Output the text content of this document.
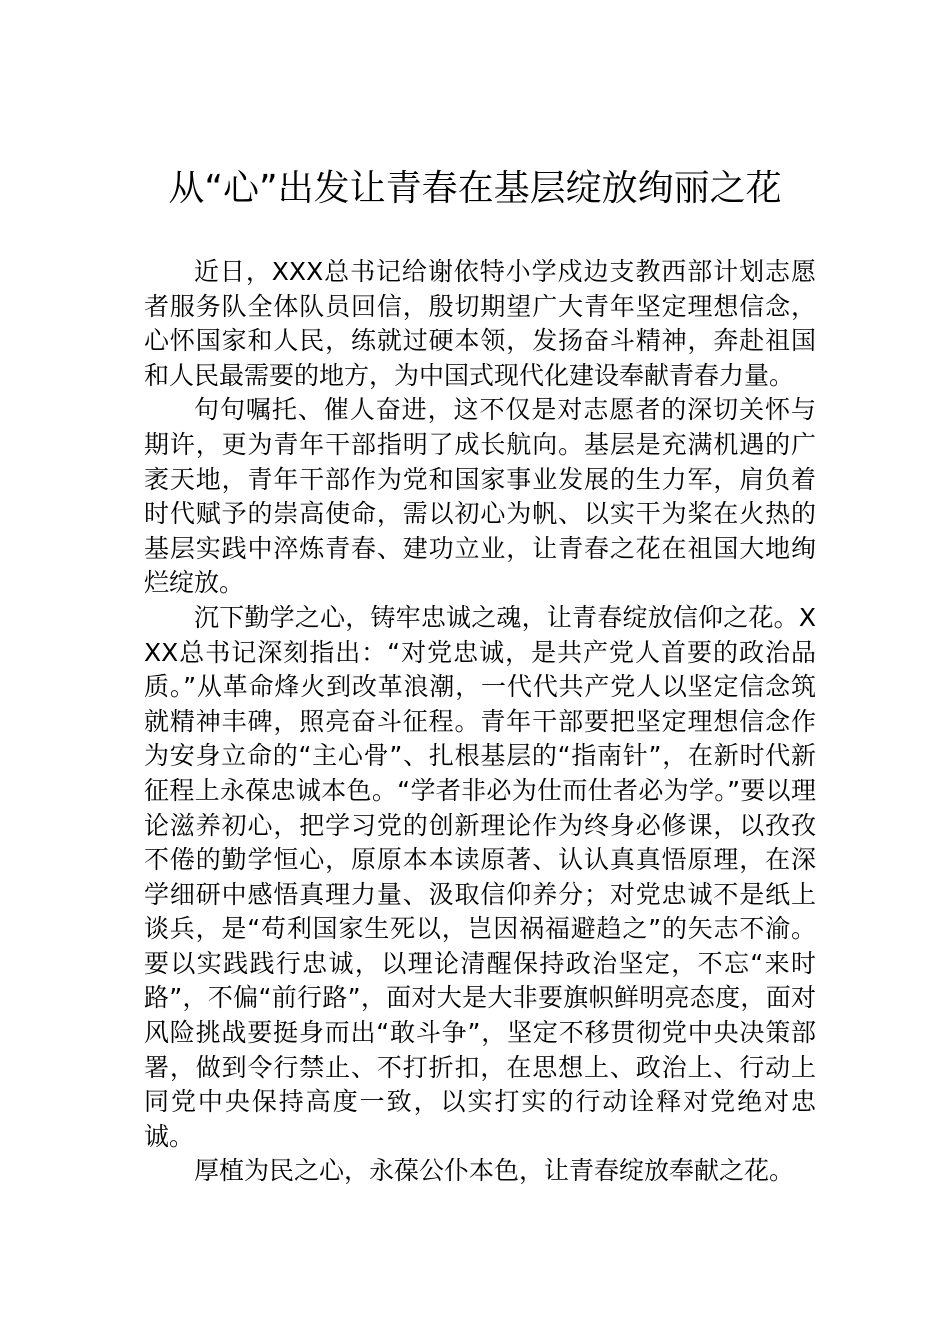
从“心”出发让青春在基层绽放绚丽之花

近日，XXX总书记给谢依特小学戍边支教西部计划志愿者服务队全体队员回信，殷切期望广大青年坚定理想信念，心怀国家和人民，练就过硬本领，发扬奋斗精神，奔赴祖国和人民最需要的地方，为中国式现代化建设奉献青春力量。

句句嘱托、催人奋进，这不仅是对志愿者的深切关怀与期许，更为青年干部指明了成长航向。基层是充满机遇的广袤天地，青年干部作为党和国家事业发展的生力军，肩负着时代赋予的崇高使命，需以初心为帆、以实干为桨在火热的基层实践中淬炼青春、建功立业，让青春之花在祖国大地绚烂绽放。

沉下勤学之心，铸牢忠诚之魂，让青春绽放信仰之花。XXX总书记深刻指出：“对党忠诚，是共产党人首要的政治品质。”从革命烽火到改革浪潮，一代代共产党人以坚定信念筑就精神丰碑，照亮奋斗征程。青年干部要把坚定理想信念作为安身立命的“主心骨”、扎根基层的“指南针”，在新时代新征程上永葆忠诚本色。“学者非必为仕而仕者必为学。”要以理论滋养初心，把学习党的创新理论作为终身必修课，以孜孜不倦的勤学恒心，原原本本读原著、认认真真悟原理，在深学细研中感悟真理力量、汲取信仰养分；对党忠诚不是纸上谈兵，是“苟利国家生死以，岂因祸福避趋之”的矢志不渝。要以实践践行忠诚，以理论清醒保持政治坚定，不忘“来时路”，不偏“前行路”，面对大是大非要旗帜鲜明亮态度，面对风险挑战要挺身而出“敢斗争”，坚定不移贯彻党中央决策部署，做到令行禁止、不打折扣，在思想上、政治上、行动上同党中央保持高度一致，以实打实的行动诠释对党绝对忠诚。

厚植为民之心，永葆公仆本色，让青春绽放奉献之花。
